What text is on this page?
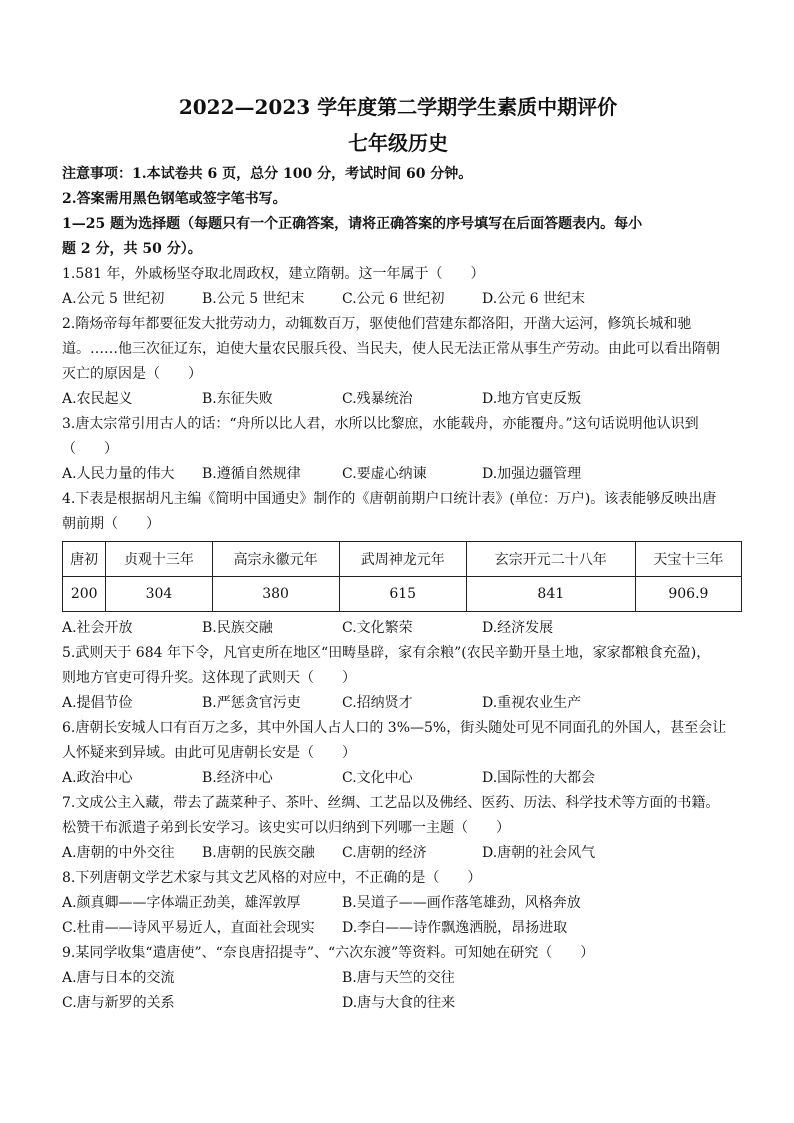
2022—2023 学年度第二学期学生素质中期评价

七年级历史

注意事项：1.本试卷共 6 页，总分 100 分，考试时间 60 分钟。

2.答案需用黑色钢笔或签字笔书写。

1—25 题为选择题（每题只有一个正确答案，请将正确答案的序号填写在后面答题表内。每小

题 2 分，共 50 分）。

1.581 年，外戚杨坚夺取北周政权，建立隋朝。这一年属于（　　）

A.公元 5 世纪初	B.公元 5 世纪末	C.公元 6 世纪初	D.公元 6 世纪末

2.隋炀帝每年都要征发大批劳动力，动辄数百万，驱使他们营建东都洛阳，开凿大运河，修筑长城和驰

道。……他三次征辽东，迫使大量农民服兵役、当民夫，使人民无法正常从事生产劳动。由此可以看出隋朝

灭亡的原因是（　　）

A.农民起义	B.东征失败	C.残暴统治	D.地方官吏反叛

3.唐太宗常引用古人的话：“舟所以比人君，水所以比黎庶，水能载舟，亦能覆舟。”这句话说明他认识到

（　　）

A.人民力量的伟大	B.遵循自然规律	C.要虚心纳谏	D.加强边疆管理

4.下表是根据胡凡主编《简明中国通史》制作的《唐朝前期户口统计表》(单位：万户)。该表能够反映出唐

朝前期（　　）

唐初	贞观十三年	高宗永徽元年	武周神龙元年	玄宗开元二十八年	天宝十三年
200	304	380	615	841	906.9
A.社会开放	B.民族交融	C.文化繁荣	D.经济发展

5.武则天于 684 年下令，凡官吏所在地区“田畴垦辟，家有余粮”(农民辛勤开垦土地，家家都粮食充盈)，

则地方官吏可得升奖。这体现了武则天（　　）

A.提倡节俭	B.严惩贪官污吏	C.招纳贤才	D.重视农业生产

6.唐朝长安城人口有百万之多，其中外国人占人口的 3%—5%，街头随处可见不同面孔的外国人，甚至会让

人怀疑来到异域。由此可见唐朝长安是（　　）

A.政治中心	B.经济中心	C.文化中心	D.国际性的大都会

7.文成公主入藏，带去了蔬菜种子、茶叶、丝绸、工艺品以及佛经、医药、历法、科学技术等方面的书籍。

松赞干布派遣子弟到长安学习。该史实可以归纳到下列哪一主题（　　）

A.唐朝的中外交往	B.唐朝的民族交融	C.唐朝的经济	D.唐朝的社会风气

8.下列唐朝文学艺术家与其文艺风格的对应中，不正确的是（　　）

A.颜真卿——字体端正劲美，雄浑敦厚	B.吴道子——画作落笔雄劲，风格奔放
C.杜甫——诗风平易近人，直面社会现实	D.李白——诗作飘逸洒脱，昂扬进取

9.某同学收集“遣唐使”、“奈良唐招提寺”、“六次东渡”等资料。可知她在研究（　　）

A.唐与日本的交流	B.唐与天竺的交往
C.唐与新罗的关系	D.唐与大食的往来
